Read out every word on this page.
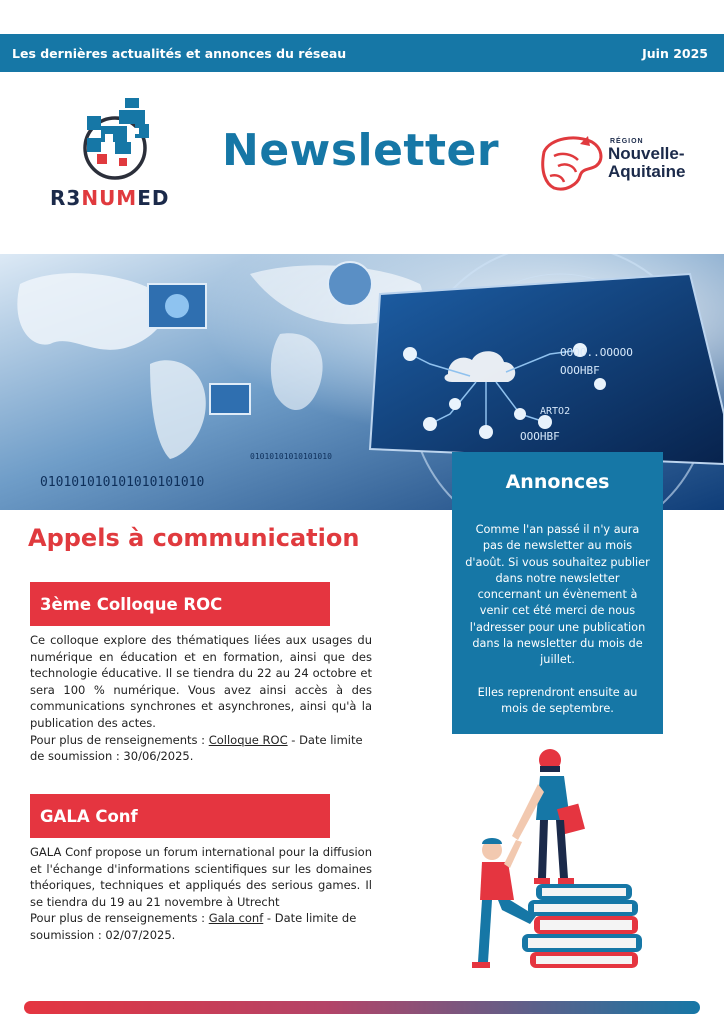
Les dernières actualités et annonces du réseau	Juin 2025
R3NUMED
Newsletter	RÉGION
Nouvelle-
Aquitaine
OOOO..OOOOO
OOOHBF
OOOHBF
ARTO2
010101010101010101010
01010101010101010
Annonces

Comme l'an passé il n'y aura pas de newsletter au mois d'août. Si vous souhaitez publier dans notre newsletter concernant un évènement à venir cet été merci de nous l'adresser pour une publication dans la newsletter du mois de juillet.

Elles reprendront ensuite au mois de septembre.

Appels à communication
3ème Colloque ROC

Ce colloque explore des thématiques liées aux usages du numérique en éducation et en formation, ainsi que des technologie éducative. Il se tiendra du 22 au 24 octobre et sera 100 % numérique. Vous avez ainsi accès à des communications synchrones et asynchrones, ainsi qu'à la publication des actes.

Pour plus de renseignements : Colloque ROC - Date limite de soumission : 30/06/2025.

GALA Conf

GALA Conf propose un forum international pour la diffusion et l'échange d'informations scientifiques sur les domaines théoriques, techniques et appliqués des serious games. Il se tiendra du 19 au 21 novembre à Utrecht

Pour plus de renseignements : Gala conf - Date limite de soumission : 02/07/2025.
